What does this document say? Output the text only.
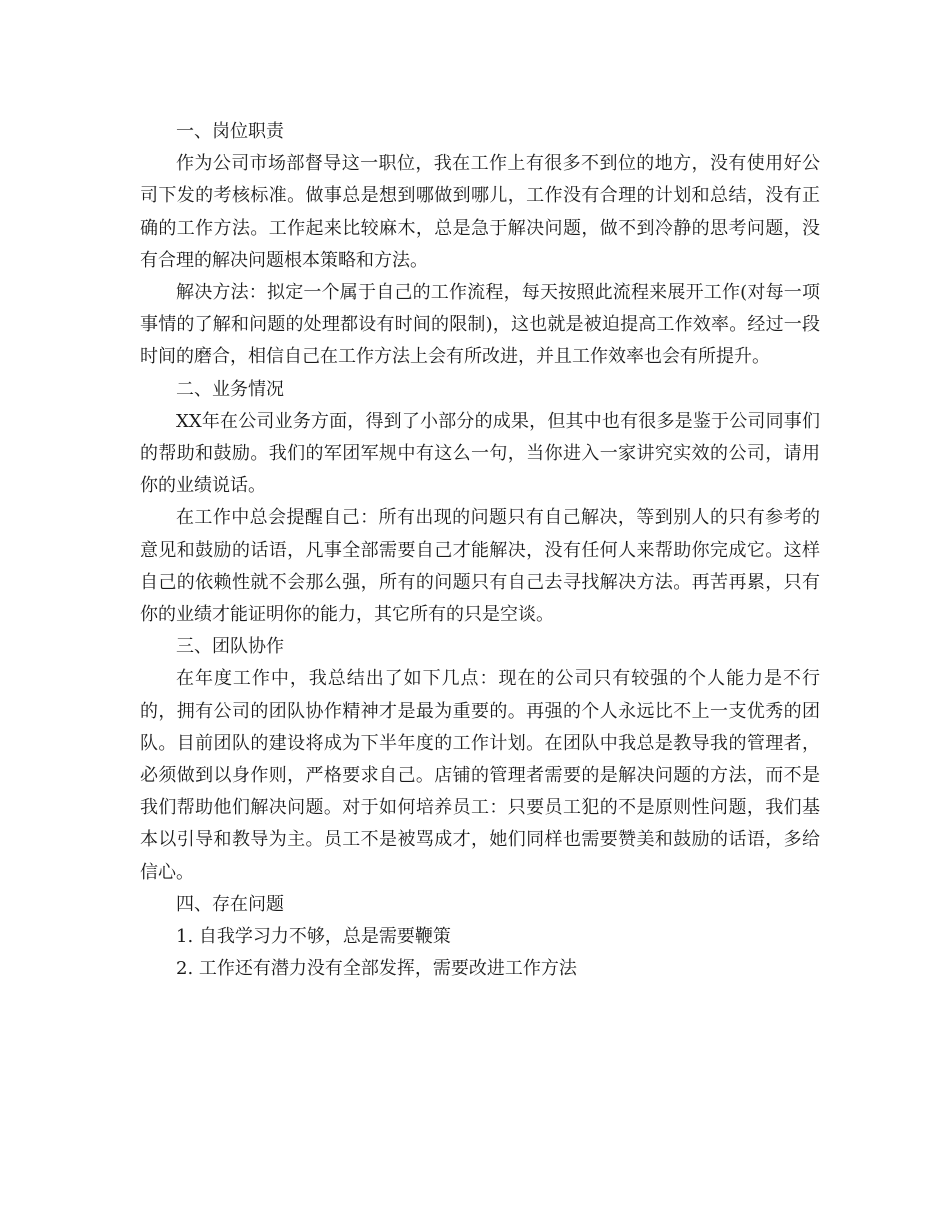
一、岗位职责

作为公司市场部督导这一职位，我在工作上有很多不到位的地方，没有使用好公司下发的考核标准。做事总是想到哪做到哪儿，工作没有合理的计划和总结，没有正确的工作方法。工作起来比较麻木，总是急于解决问题，做不到冷静的思考问题，没有合理的解决问题根本策略和方法。

解决方法：拟定一个属于自己的工作流程，每天按照此流程来展开工作(对每一项事情的了解和问题的处理都设有时间的限制)，这也就是被迫提高工作效率。经过一段时间的磨合，相信自己在工作方法上会有所改进，并且工作效率也会有所提升。

二、业务情况

XX年在公司业务方面，得到了小部分的成果，但其中也有很多是鉴于公司同事们的帮助和鼓励。我们的军团军规中有这么一句，当你进入一家讲究实效的公司，请用你的业绩说话。

在工作中总会提醒自己：所有出现的问题只有自己解决，等到别人的只有参考的意见和鼓励的话语，凡事全部需要自己才能解决，没有任何人来帮助你完成它。这样自己的依赖性就不会那么强，所有的问题只有自己去寻找解决方法。再苦再累，只有你的业绩才能证明你的能力，其它所有的只是空谈。

三、团队协作

在年度工作中，我总结出了如下几点：现在的公司只有较强的个人能力是不行的，拥有公司的团队协作精神才是最为重要的。再强的个人永远比不上一支优秀的团队。目前团队的建设将成为下半年度的工作计划。在团队中我总是教导我的管理者，必须做到以身作则，严格要求自己。店铺的管理者需要的是解决问题的方法，而不是我们帮助他们解决问题。对于如何培养员工：只要员工犯的不是原则性问题，我们基本以引导和教导为主。员工不是被骂成才，她们同样也需要赞美和鼓励的话语，多给信心。

四、存在问题

1. 自我学习力不够，总是需要鞭策

2. 工作还有潜力没有全部发挥，需要改进工作方法
